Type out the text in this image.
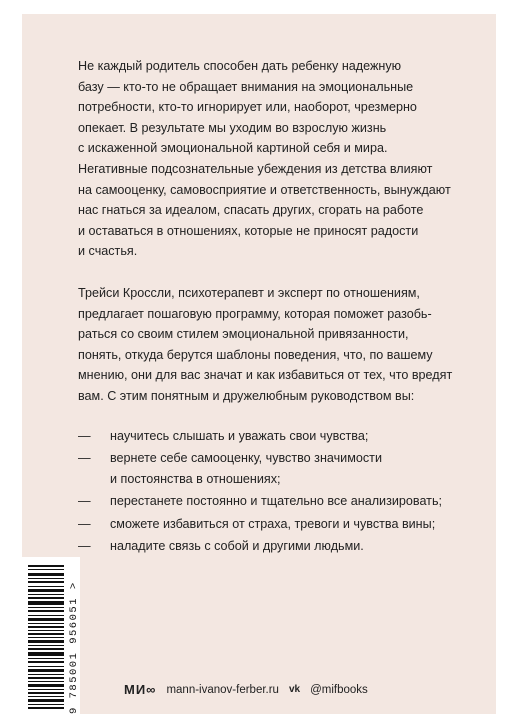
Не каждый родитель способен дать ребенку надежную
базу — кто-то не обращает внимания на эмоциональные
потребности, кто-то игнорирует или, наоборот, чрезмерно
опекает. В результате мы уходим во взрослую жизнь
с искаженной эмоциональной картиной себя и мира.
Негативные подсознательные убеждения из детства влияют
на самооценку, самовосприятие и ответственность, вынуждают
нас гнаться за идеалом, спасать других, сгорать на работе
и оставаться в отношениях, которые не приносят радости
и счастья.
Трейси Кроссли, психотерапевт и эксперт по отношениям,
предлагает пошаговую программу, которая поможет разобь-
раться со своим стилем эмоциональной привязанности,
понять, откуда берутся шаблоны поведения, что, по вашему
мнению, они для вас значат и как избавиться от тех, что вредят
вам. С этим понятным и дружелюбным руководством вы:
— научитесь слышать и уважать свои чувства;
— вернете себе самооценку, чувство значимости
и постоянства в отношениях;
— перестанете постоянно и тщательно все анализировать;
— сможете избавиться от страха, тревоги и чувства вины;
— наладите связь с собой и другими людьми.
9 785001 956051 >	МИ∞ mann-ivanov-ferber.ru vk @mifbooks
